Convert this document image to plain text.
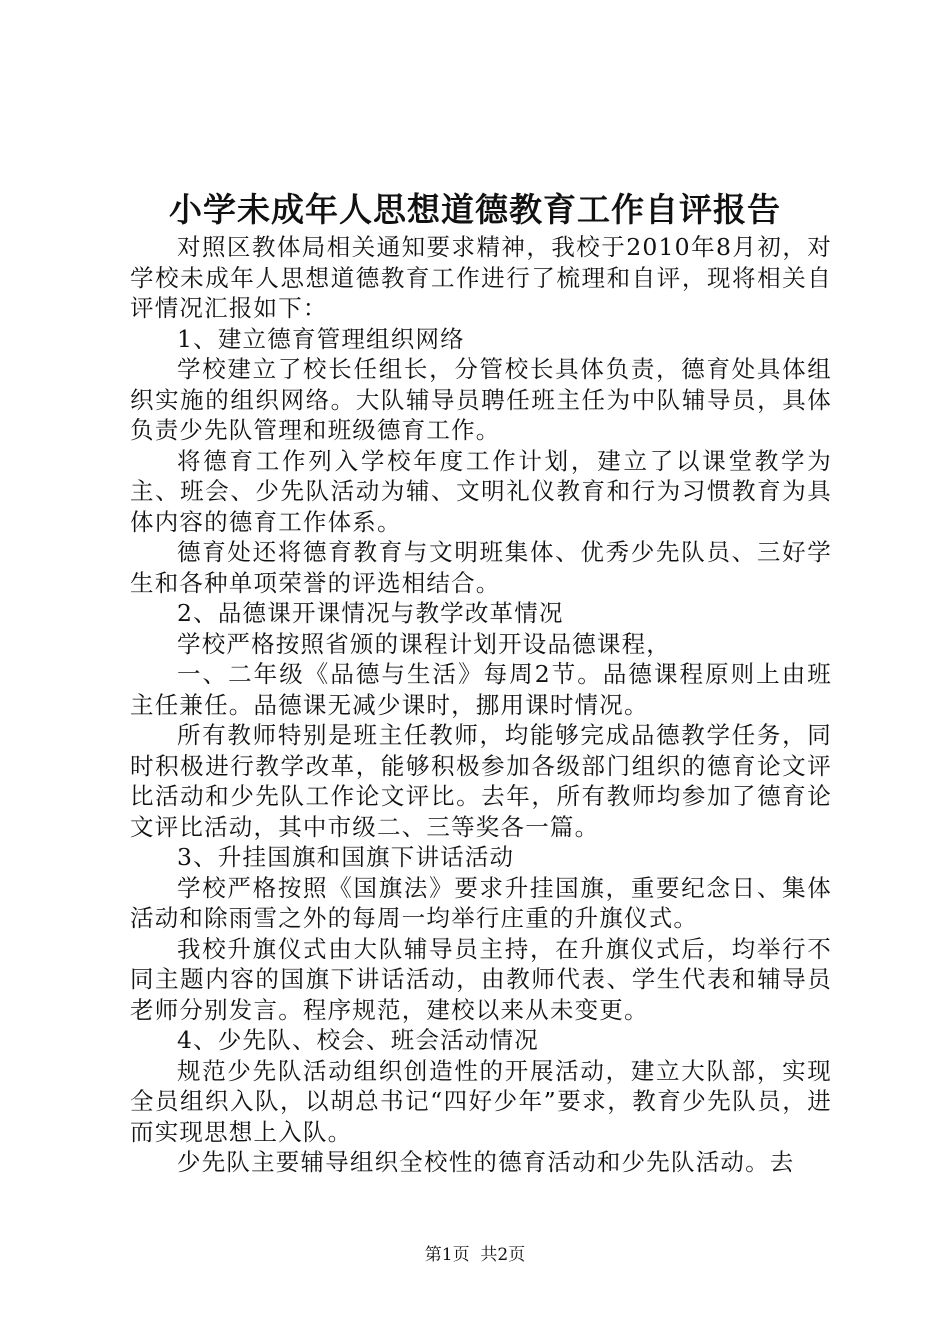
小学未成年人思想道德教育工作自评报告

对照区教体局相关通知要求精神，我校于2010年8月初，对学校未成年人思想道德教育工作进行了梳理和自评，现将相关自评情况汇报如下：

1、建立德育管理组织网络

学校建立了校长任组长，分管校长具体负责，德育处具体组织实施的组织网络。大队辅导员聘任班主任为中队辅导员，具体负责少先队管理和班级德育工作。

将德育工作列入学校年度工作计划，建立了以课堂教学为主、班会、少先队活动为辅、文明礼仪教育和行为习惯教育为具体内容的德育工作体系。

德育处还将德育教育与文明班集体、优秀少先队员、三好学生和各种单项荣誉的评选相结合。

2、品德课开课情况与教学改革情况

学校严格按照省颁的课程计划开设品德课程，

一、二年级《品德与生活》每周2节。品德课程原则上由班主任兼任。品德课无减少课时，挪用课时情况。

所有教师特别是班主任教师，均能够完成品德教学任务，同时积极进行教学改革，能够积极参加各级部门组织的德育论文评比活动和少先队工作论文评比。去年，所有教师均参加了德育论文评比活动，其中市级二、三等奖各一篇。

3、升挂国旗和国旗下讲话活动

学校严格按照《国旗法》要求升挂国旗，重要纪念日、集体活动和除雨雪之外的每周一均举行庄重的升旗仪式。

我校升旗仪式由大队辅导员主持，在升旗仪式后，均举行不同主题内容的国旗下讲话活动，由教师代表、学生代表和辅导员老师分别发言。程序规范，建校以来从未变更。

4、少先队、校会、班会活动情况

规范少先队活动组织创造性的开展活动，建立大队部，实现全员组织入队，以胡总书记“四好少年”要求，教育少先队员，进而实现思想上入队。

少先队主要辅导组织全校性的德育活动和少先队活动。去

第1页  共2页
